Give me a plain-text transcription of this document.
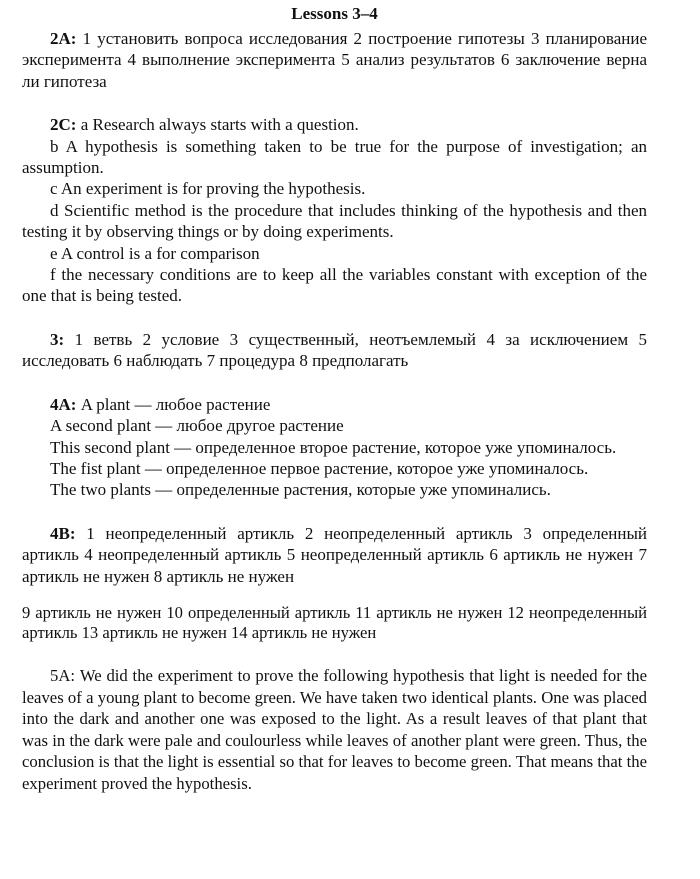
Lessons 3–4

2А: 1 установить вопроса исследования 2 построение гипотезы 3 планирование эксперимента 4 выполнение эксперимента 5 анализ результатов 6 заключение верна ли гипотеза

2C: a Research always starts with a question.
b A hypothesis is something taken to be true for the purpose of investigation; an assumption.
c An experiment is for proving the hypothesis.
d Scientific method is the procedure that includes thinking of the hypothesis and then testing it by observing things or by doing experiments.
e A control is a for comparison
f the necessary conditions are to keep all the variables constant with exception of the one that is being tested.

3: 1 ветвь 2 условие 3 существенный, неотъемлемый 4 за исключением 5 исследовать 6 наблюдать 7 процедура 8 предполагать

4А: A plant — любое растение
A second plant — любое другое растение
This second plant — определенное второе растение, которое уже упоминалось.
The fist plant — определенное первое растение, которое уже упоминалось.
The two plants — определенные растения, которые уже упоминались.

4В: 1 неопределенный артикль 2 неопределенный артикль 3 определенный артикль 4 неопределенный артикль 5 неопределенный артикль 6 артикль не нужен 7 артикль не нужен 8 артикль не нужен

9 артикль не нужен 10 определенный артикль 11 артикль не нужен 12 неопределенный артикль 13 артикль не нужен 14 артикль не нужен

5А: We did the experiment to prove the following hypothesis that light is needed for the leaves of a young plant to become green. We have taken two identical plants. One was placed into the dark and another one was exposed to the light. As a result leaves of that plant that was in the dark were pale and coulourless while leaves of another plant were green. Thus, the conclusion is that the light is essential so that for leaves to become green. That means that the experiment proved the hypothesis.
